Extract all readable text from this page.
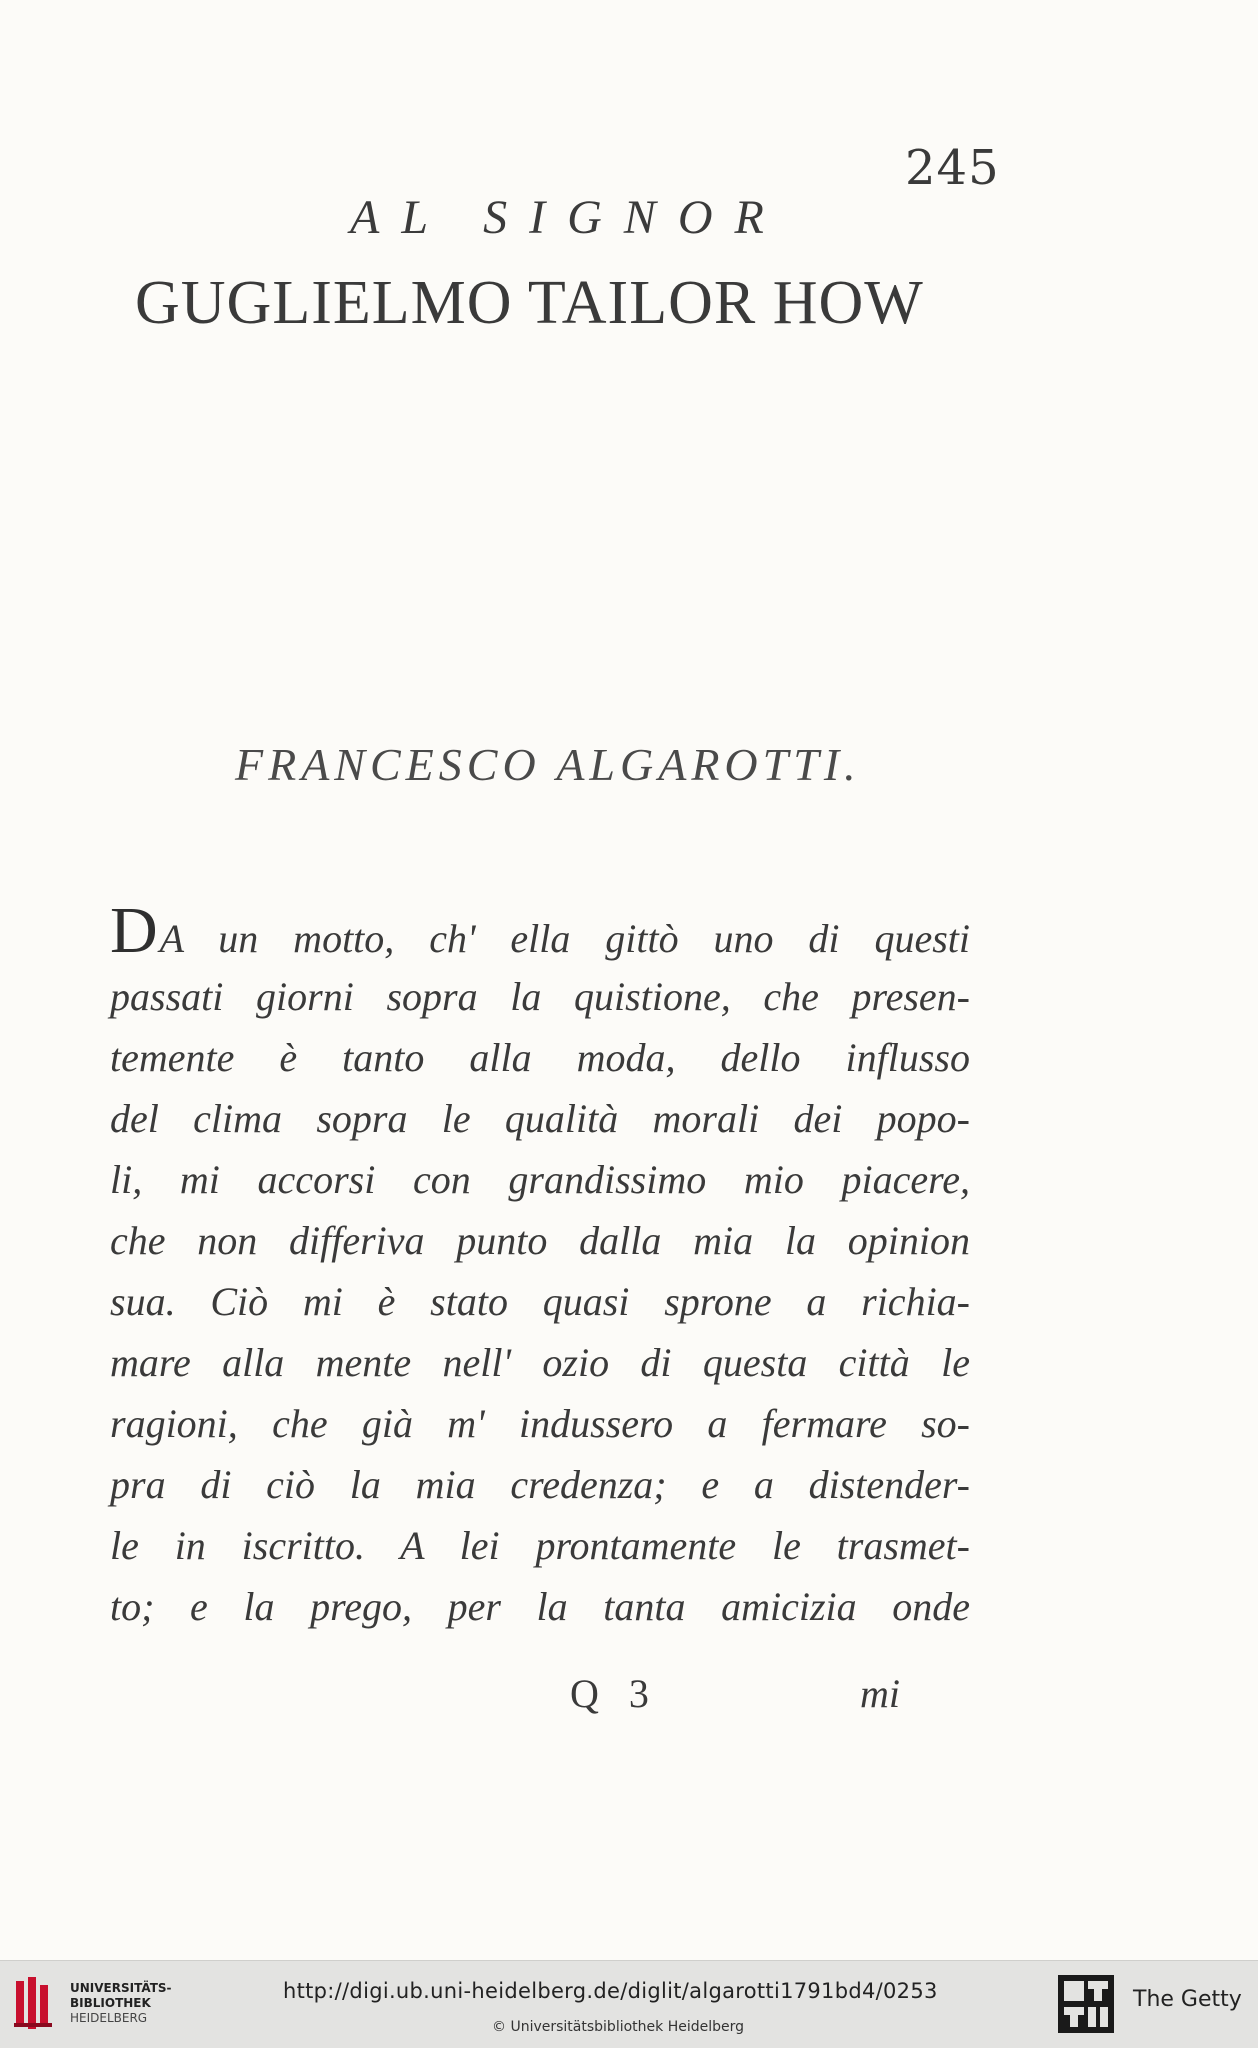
245
AL SIGNOR
GUGLIELMO TAILOR HOW
FRANCESCO ALGAROTTI.
D A un motto, ch' ella gittò uno di questi
passati giorni sopra la quistione, che presen-
temente è tanto alla moda, dello influsso
del clima sopra le qualità morali dei popo-
li, mi accorsi con grandissimo mio piacere,
che non differiva punto dalla mia la opinion
sua. Ciò mi è stato quasi sprone a richia-
mare alla mente nell' ozio di questa città le
ragioni, che già m' indussero a fermare so-
pra di ciò la mia credenza; e a distender-
le in iscritto. A lei prontamente le trasmet-
to; e la prego, per la tanta amicizia onde
Q 3	mi
UNIVERSITÄTS-
BIBLIOTHEK
HEIDELBERG
http://digi.ub.uni-heidelberg.de/diglit/algarotti1791bd4/0253
© Universitätsbibliothek Heidelberg
The Getty
